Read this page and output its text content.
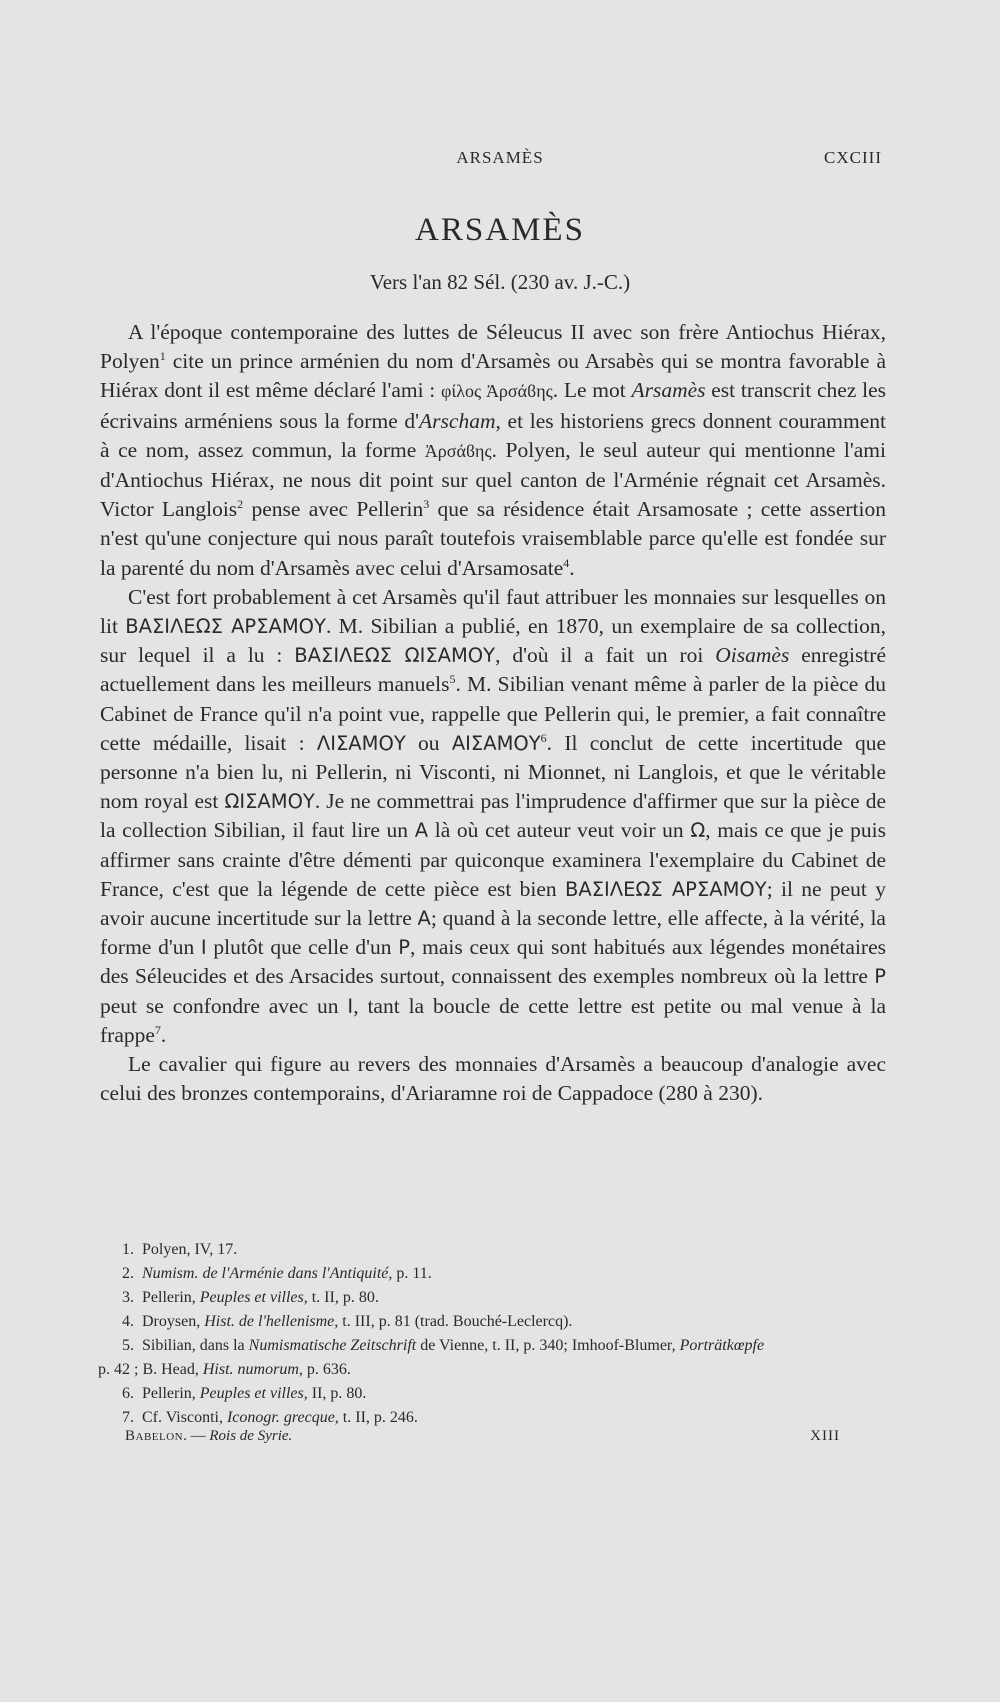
ARSAMÈS	CXCIII
ARSAMÈS
Vers l'an 82 Sél. (230 av. J.-C.)

A l'époque contemporaine des luttes de Séleucus II avec son frère Antiochus Hiérax, Polyen$^1$ cite un prince arménien du nom d'Arsamès ou Arsabès qui se montra favorable à Hiérax dont il est même déclaré l'ami : φίλος Ἀρσάϐης. Le mot Arsamès est transcrit chez les écrivains arméniens sous la forme d'Arscham, et les historiens grecs donnent couramment à ce nom, assez commun, la forme Ἀρσάϐης. Polyen, le seul auteur qui mentionne l'ami d'Antiochus Hiérax, ne nous dit point sur quel canton de l'Arménie régnait cet Arsamès. Victor Langlois$^2$ pense avec Pellerin$^3$ que sa résidence était Arsamosate ; cette assertion n'est qu'une conjecture qui nous paraît toutefois vraisemblable parce qu'elle est fondée sur la parenté du nom d'Arsamès avec celui d'Arsamosate$^4$.

C'est fort probablement à cet Arsamès qu'il faut attribuer les monnaies sur lesquelles on lit ΒΑΣΙΛΕΩΣ ΑΡΣΑΜΟΥ. M. Sibilian a publié, en 1870, un exemplaire de sa collection, sur lequel il a lu : ΒΑΣΙΛΕΩΣ ΩΙΣΑΜΟΥ, d'où il a fait un roi Oisamès enregistré actuellement dans les meilleurs manuels$^5$. M. Sibilian venant même à parler de la pièce du Cabinet de France qu'il n'a point vue, rappelle que Pellerin qui, le premier, a fait connaître cette médaille, lisait : ΛΙΣΑΜΟΥ ou ΑΙΣΑΜΟΥ$^6$. Il conclut de cette incertitude que personne n'a bien lu, ni Pellerin, ni Visconti, ni Mionnet, ni Langlois, et que le véritable nom royal est ΩΙΣΑΜΟΥ. Je ne commettrai pas l'imprudence d'affirmer que sur la pièce de la collection Sibilian, il faut lire un Α là où cet auteur veut voir un Ω, mais ce que je puis affirmer sans crainte d'être démenti par quiconque examinera l'exemplaire du Cabinet de France, c'est que la légende de cette pièce est bien ΒΑΣΙΛΕΩΣ ΑΡΣΑΜΟΥ; il ne peut y avoir aucune incertitude sur la lettre Α; quand à la seconde lettre, elle affecte, à la vérité, la forme d'un Ι plutôt que celle d'un Ρ, mais ceux qui sont habitués aux légendes monétaires des Séleucides et des Arsacides surtout, connaissent des exemples nombreux où la lettre Ρ peut se confondre avec un Ι, tant la boucle de cette lettre est petite ou mal venue à la frappe$^7$.

Le cavalier qui figure au revers des monnaies d'Arsamès a beaucoup d'analogie avec celui des bronzes contemporains, d'Ariaramne roi de Cappadoce (280 à 230).

1. Polyen, IV, 17.
2. Numism. de l'Arménie dans l'Antiquité, p. 11.
3. Pellerin, Peuples et villes, t. II, p. 80.
4. Droysen, Hist. de l'hellenisme, t. III, p. 81 (trad. Bouché-Leclercq).
5. Sibilian, dans la Numismatische Zeitschrift de Vienne, t. II, p. 340; Imhoof-Blumer, Porträtkœpfe
p. 42 ; B. Head, Hist. numorum, p. 636.
6. Pellerin, Peuples et villes, II, p. 80.
7. Cf. Visconti, Iconogr. grecque, t. II, p. 246.
Babelon. — Rois de Syrie.	XIII
